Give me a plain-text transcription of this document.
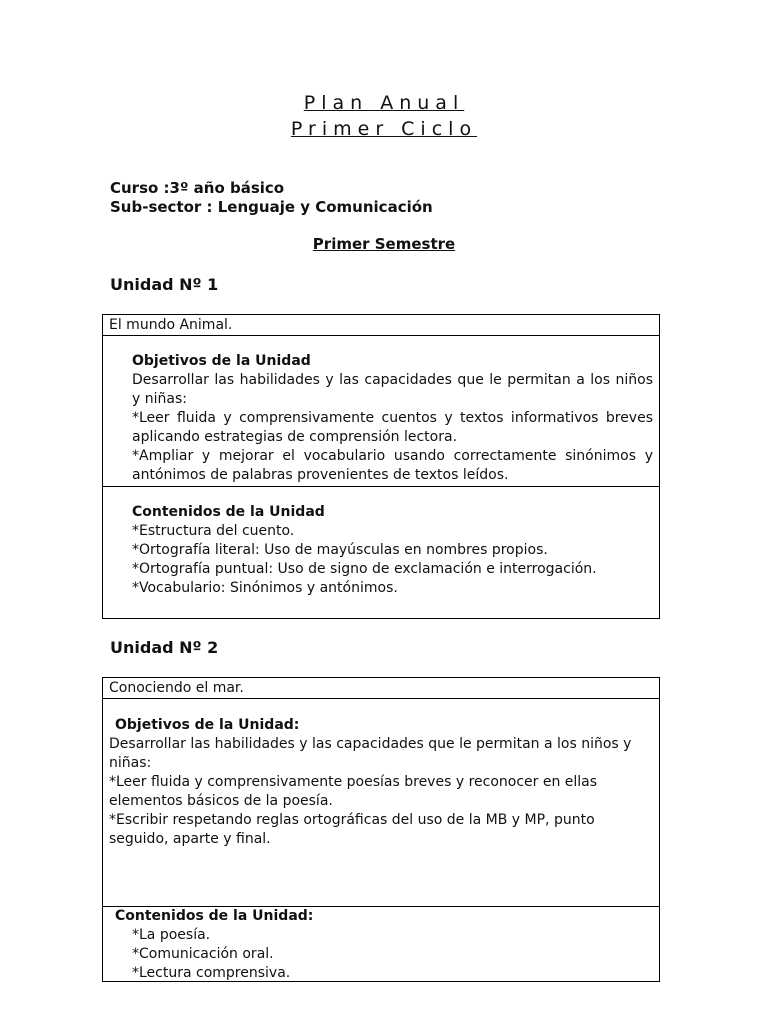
Plan Anual
Primer Ciclo
Curso :3º año básico
Sub-sector : Lenguaje y Comunicación
Primer Semestre
Unidad Nº 1
El mundo Animal.
Objetivos de la Unidad
Desarrollar las habilidades y las capacidades que le permitan a los niños y niñas:
*Leer fluida y comprensivamente cuentos y textos informativos breves aplicando estrategias de comprensión lectora.
*Ampliar y mejorar el vocabulario usando correctamente sinónimos y antónimos de palabras provenientes de textos leídos.
Contenidos de la Unidad
*Estructura del cuento.
*Ortografía literal: Uso de mayúsculas en nombres propios.
*Ortografía puntual: Uso de signo de exclamación e interrogación.
*Vocabulario: Sinónimos y antónimos.
Unidad Nº 2
Conociendo el mar.
Objetivos de la Unidad:
Desarrollar las habilidades y las capacidades que le permitan a los niños y niñas:
*Leer fluida y comprensivamente poesías breves y reconocer en ellas elementos básicos de la poesía.
*Escribir respetando reglas ortográficas del uso de la MB y MP, punto seguido, aparte y final.
Contenidos de la Unidad:
*La poesía.
*Comunicación oral.
*Lectura comprensiva.
